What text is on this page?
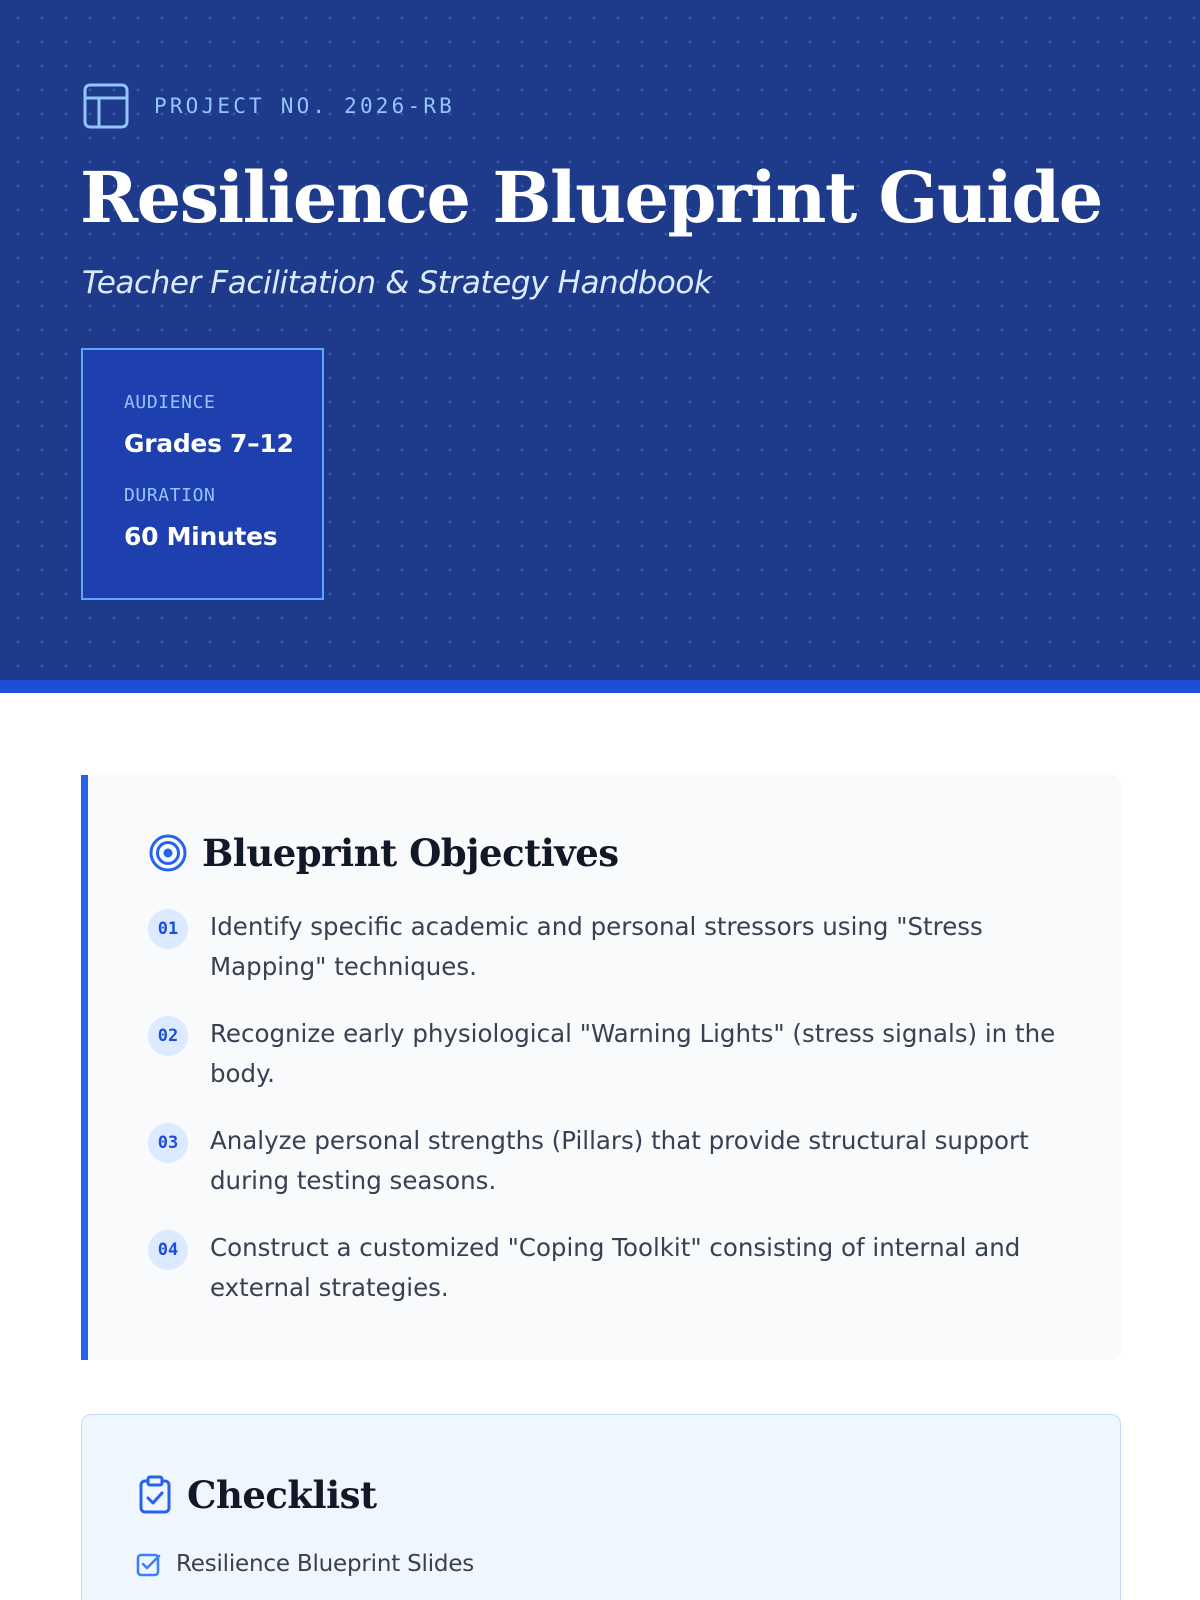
PROJECT NO. 2026-RB
Resilience Blueprint Guide
Teacher Facilitation & Strategy Handbook
AUDIENCE
Grades 7–12
DURATION
60 Minutes
Blueprint Objectives
01	Identify specific academic and personal stressors using "Stress Mapping" techniques.

02	Recognize early physiological "Warning Lights" (stress signals) in the body.

03	Analyze personal strengths (Pillars) that provide structural support during testing seasons.

04	Construct a customized "Coping Toolkit" consisting of internal and external strategies.

Checklist
Resilience Blueprint Slides
